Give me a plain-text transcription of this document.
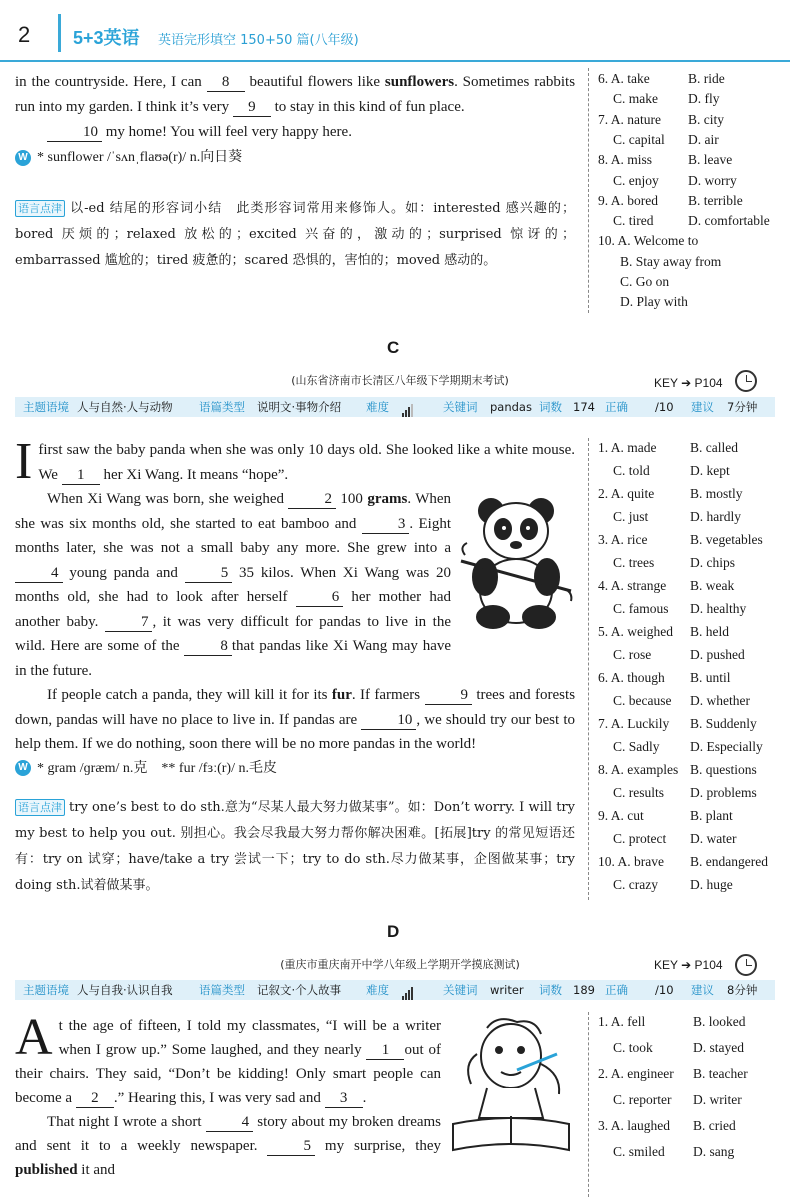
2 5+3英语 英语完形填空 150+50 篇(八年级)

in the countryside. Here, I can 8 beautiful flowers like sunflowers. Sometimes rabbits run into my garden. I think it’s very 9 to stay in this kind of fun place.

10 my home! You will feel very happy here.

W * sunflower /ˈsʌnˌflaʊə(r)/ n.向日葵

语言点津 以-ed 结尾的形容词小结　此类形容词常用来修饰人。如：interested 感兴趣的；bored 厌烦的；relaxed 放松的；excited 兴奋的，激动的；surprised 惊讶的；embarrassed 尴尬的；tired 疲惫的；scared 恐惧的，害怕的；moved 感动的。
6. A. take	B. ride
C. make D. fly
7. A. nature B. city
C. capital D. air
8. A. miss	B. leave
C. enjoy D. worry
9. A. bored B. terrible
C. tired	D. comfortable
10. A. Welcome to
B. Stay away from
C. Go on
D. Play with
C
(山东省济南市长清区八年级下学期期末考试)	KEY ➔ P104
主题语境 人与自然·人与动物 语篇类型 说明文·事物介绍 难度	关键词 pandas 词数 174 正确 /10 建议 7分钟
I first saw the baby panda when she was only 10 days old. She looked like a white mouse. We 1 her Xi Wang. It means “hope”.

When Xi Wang was born, she weighed	2 100 grams. When she was six months old, she started to eat bamboo and	3 . Eight months later, she was not a small baby any more. She grew into a 4 young panda and	5 35 kilos. When Xi Wang was 20 months old, she had to look after herself	6 her mother had another baby.	7 , it was very difficult for pandas to live in the wild. Here are some of the	8 that pandas like Xi Wang may have in the future.

If people catch a panda, they will kill it for its fur. If farmers	9 trees and forests down, pandas will have no place to live in. If pandas are	10 , we should try our best to help them. If we do nothing, soon there will be no more pandas in the world!

W * gram /ɡræm/ n.克　** fur /fɜː(r)/ n.毛皮

语言点津 try one’s best to do sth.意为“尽某人最大努力做某事”。如：Don’t worry. I will try my best to help you out. 别担心。我会尽我最大努力帮你解决困难。[拓展]try 的常见短语还有：try on 试穿；have/take a try 尝试一下；try to do sth.尽力做某事，企图做某事；try doing sth.试着做某事。
1. A. made B. called
C. told	D. kept
2. A. quite	B. mostly
C. just	D. hardly
3. A. rice	B. vegetables
C. trees	D. chips
4. A. strange B. weak
C. famous D. healthy
5. A. weighed B. held
C. rose	D. pushed
6. A. though B. until
C. because D. whether
7. A. Luckily B. Suddenly
C. Sadly D. Especially
8. A. examples B. questions
C. results D. problems
9. A. cut	B. plant
C. protect D. water
10. A. brave B. endangered
C. crazy D. huge
D
(重庆市重庆南开中学八年级上学期开学摸底测试)	KEY ➔ P104
主题语境 人与自我·认识自我 语篇类型 记叙文·个人故事 难度	关键词 writer 词数 189 正确 /10 建议 8分钟
A t the age of fifteen, I told my classmates, “I will be a writer when I grow up.” Some laughed, and they nearly 1 out of their chairs. They said, “Don’t be kidding! Only smart people can become a 2 .” Hearing this, I was very sad and 3 .

That night I wrote a short	4 story about my broken dreams and sent it to a weekly newspaper.	5 my surprise, they published it and

1. A. fell	B. looked
C. took	D. stayed
2. A. engineer B. teacher
C. reporter D. writer
3. A. laughed B. cried
C. smiled D. sang
